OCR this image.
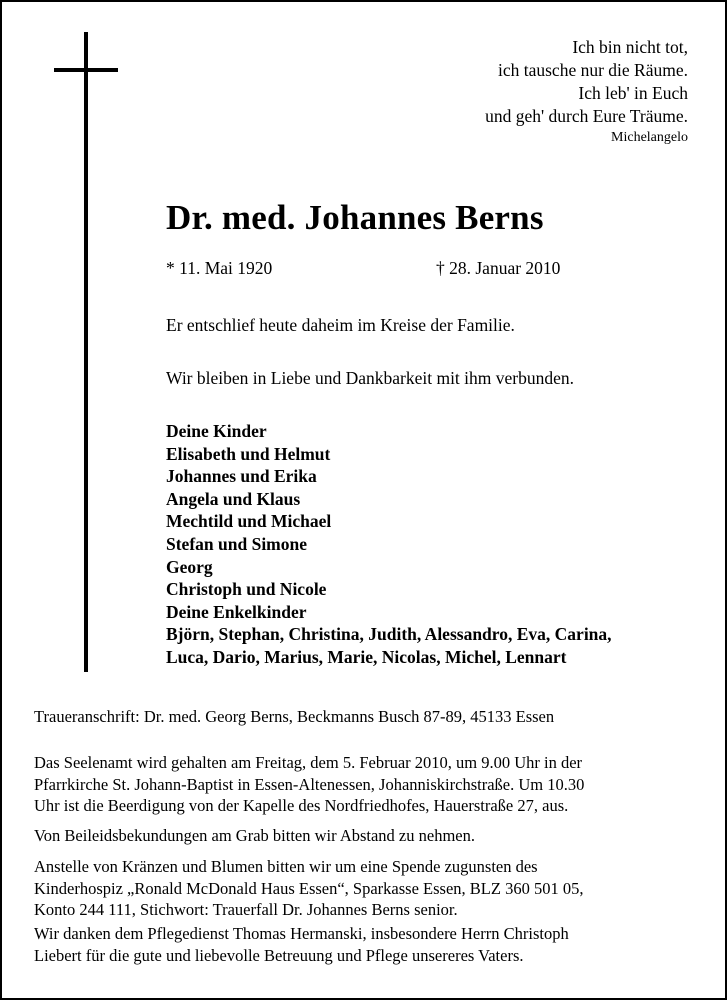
Ich bin nicht tot,
ich tausche nur die Räume.
Ich leb' in Euch
und geh' durch Eure Träume.
Michelangelo
Dr. med. Johannes Berns
* 11. Mai 1920	† 28. Januar 2010
Er entschlief heute daheim im Kreise der Familie.
Wir bleiben in Liebe und Dankbarkeit mit ihm verbunden.
Deine Kinder
Elisabeth und Helmut
Johannes und Erika
Angela und Klaus
Mechtild und Michael
Stefan und Simone
Georg
Christoph und Nicole
Deine Enkelkinder
Björn, Stephan, Christina, Judith, Alessandro, Eva, Carina,
Luca, Dario, Marius, Marie, Nicolas, Michel, Lennart
Traueranschrift: Dr. med. Georg Berns, Beckmanns Busch 87-89, 45133 Essen
Das Seelenamt wird gehalten am Freitag, dem 5. Februar 2010, um 9.00 Uhr in der
Pfarrkirche St. Johann-Baptist in Essen-Altenessen, Johanniskirchstraße. Um 10.30
Uhr ist die Beerdigung von der Kapelle des Nordfriedhofes, Hauerstraße 27, aus.
Von Beileidsbekundungen am Grab bitten wir Abstand zu nehmen.
Anstelle von Kränzen und Blumen bitten wir um eine Spende zugunsten des
Kinderhospiz „Ronald McDonald Haus Essen“, Sparkasse Essen, BLZ 360 501 05,
Konto 244 111, Stichwort: Trauerfall Dr. Johannes Berns senior.
Wir danken dem Pflegedienst Thomas Hermanski, insbesondere Herrn Christoph
Liebert für die gute und liebevolle Betreuung und Pflege unsereres Vaters.
